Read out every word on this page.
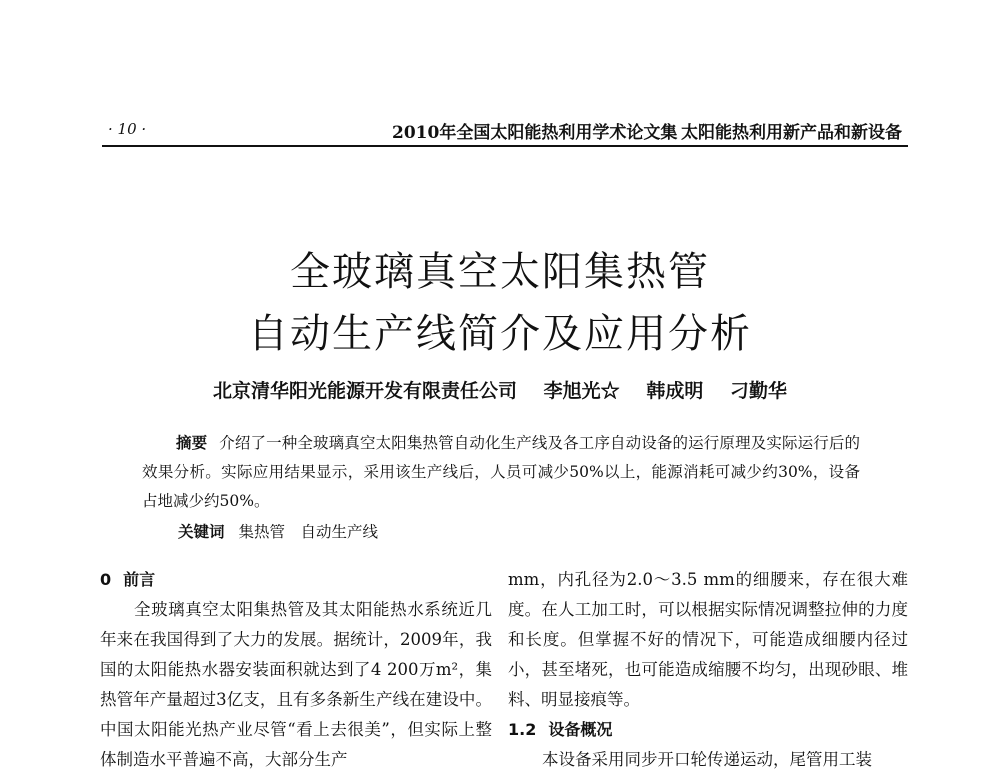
· 10 ·	2010年全国太阳能热利用学术论文集 太阳能热利用新产品和新设备
全玻璃真空太阳集热管
自动生产线简介及应用分析
北京清华阳光能源开发有限责任公司 李旭光☆ 韩成明 刁勤华

摘要 介绍了一种全玻璃真空太阳集热管自动化生产线及各工序自动设备的运行原理及实际运行后的效果分析。实际应用结果显示，采用该生产线后，人员可减少50%以上，能源消耗可减少约30%，设备占地减少约50%。

关键词 集热管　自动生产线

0 前言

全玻璃真空太阳集热管及其太阳能热水系统近几年来在我国得到了大力的发展。据统计，2009年，我国的太阳能热水器安装面积就达到了4 200万m²，集热管年产量超过3亿支，且有多条新生产线在建设中。中国太阳能光热产业尽管“看上去很美”，但实际上整体制造水平普遍不高，大部分生产

mm，内孔径为2.0～3.5 mm的细腰来，存在很大难度。在人工加工时，可以根据实际情况调整拉伸的力度和长度。但掌握不好的情况下，可能造成细腰内径过小，甚至堵死，也可能造成缩腰不均匀，出现砂眼、堆料、明显接痕等。

1.2 设备概况

本设备采用同步开口轮传递运动，尾管用工装
